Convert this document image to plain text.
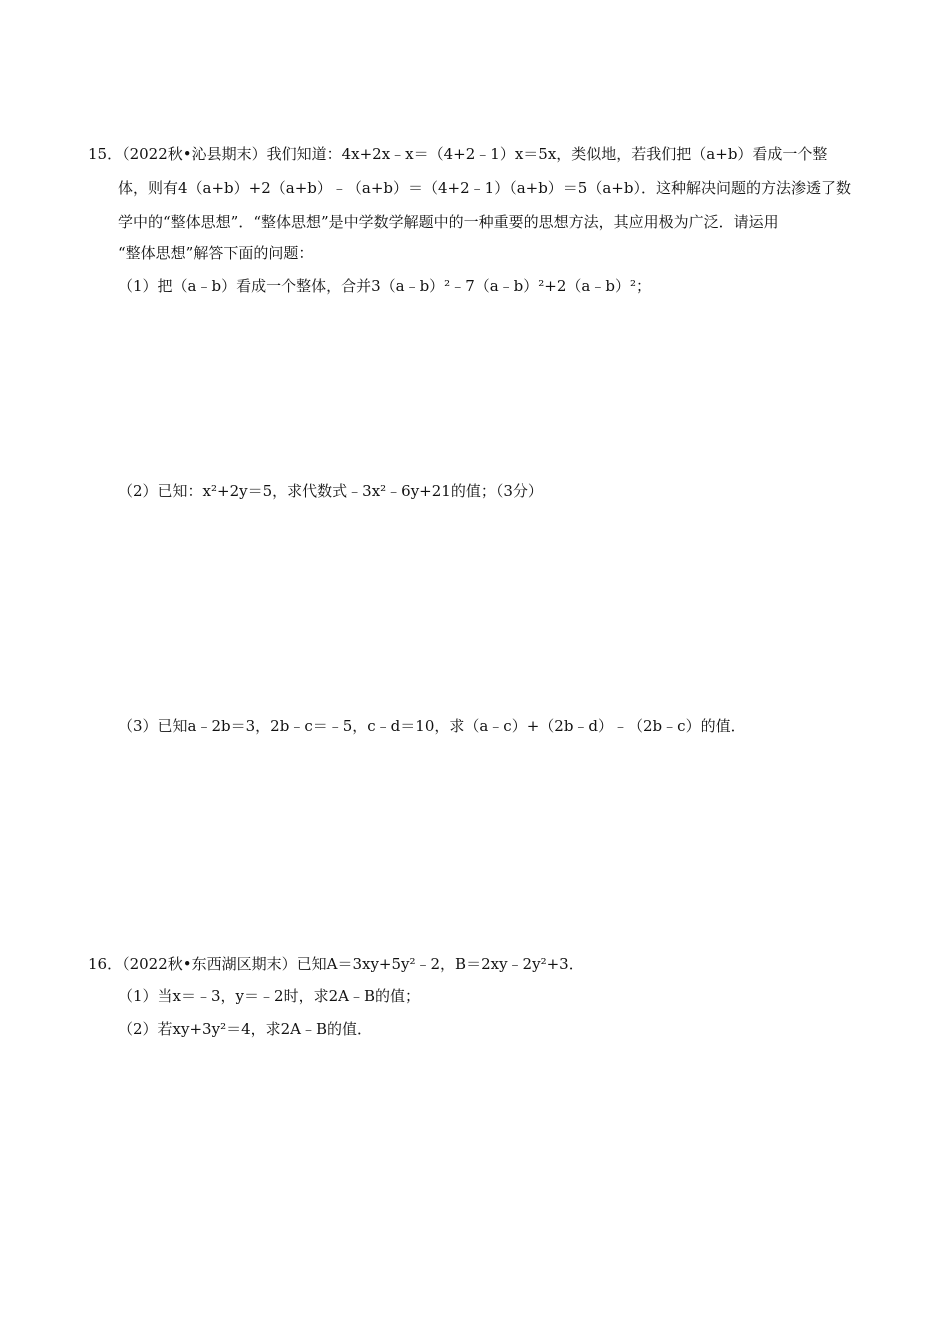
15．（2022秋•沁县期末）我们知道：4x+2x﹣x＝（4+2﹣1）x＝5x，类似地，若我们把（a+b）看成一个整
体，则有4（a+b）+2（a+b）﹣（a+b）＝（4+2﹣1）（a+b）＝5（a+b）．这种解决问题的方法渗透了数
学中的“整体思想”．“整体思想”是中学数学解题中的一种重要的思想方法，其应用极为广泛．请运用
“整体思想”解答下面的问题：
（1）把（a﹣b）看成一个整体，合并3（a﹣b）²﹣7（a﹣b）²+2（a﹣b）²；
（2）已知：x²+2y＝5，求代数式﹣3x²﹣6y+21的值；（3分）
（3）已知a﹣2b＝3，2b﹣c＝﹣5，c﹣d＝10，求（a﹣c）+（2b﹣d）﹣（2b﹣c）的值．
16．（2022秋•东西湖区期末）已知A＝3xy+5y²﹣2，B＝2xy﹣2y²+3．
（1）当x＝﹣3，y＝﹣2时，求2A﹣B的值；
（2）若xy+3y²＝4，求2A﹣B的值．
